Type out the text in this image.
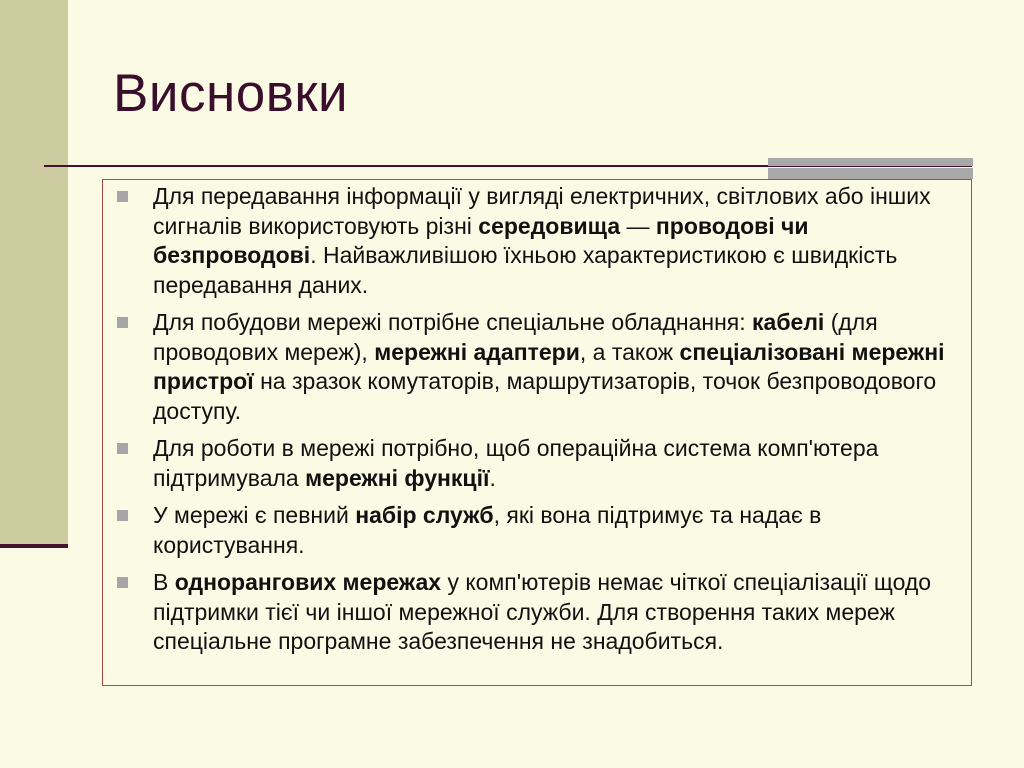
Висновки
Для передавання інформації у вигляді електричних, світлових або інших сигналів використовують різні середовища — проводові чи безпроводові. Найважливішою їхньою характеристикою є швидкість передавання даних.
Для побудови мережі потрібне спеціальне обладнання: кабелі (для проводових мереж), мережні адаптери, а також спеціалізовані мережні пристрої на зразок комутаторів, маршрутизаторів, точок безпроводового доступу.
Для роботи в мережі потрібно, щоб операційна система комп'ютера підтримувала мережні функції.
У мережі є певний набір служб, які вона підтримує та надає в користування.
В однорангових мережах у комп'ютерів немає чіткої спеціалізації щодо підтримки тієї чи іншої мережної служби. Для створення таких мереж спеціальне програмне забезпечення не знадобиться.
